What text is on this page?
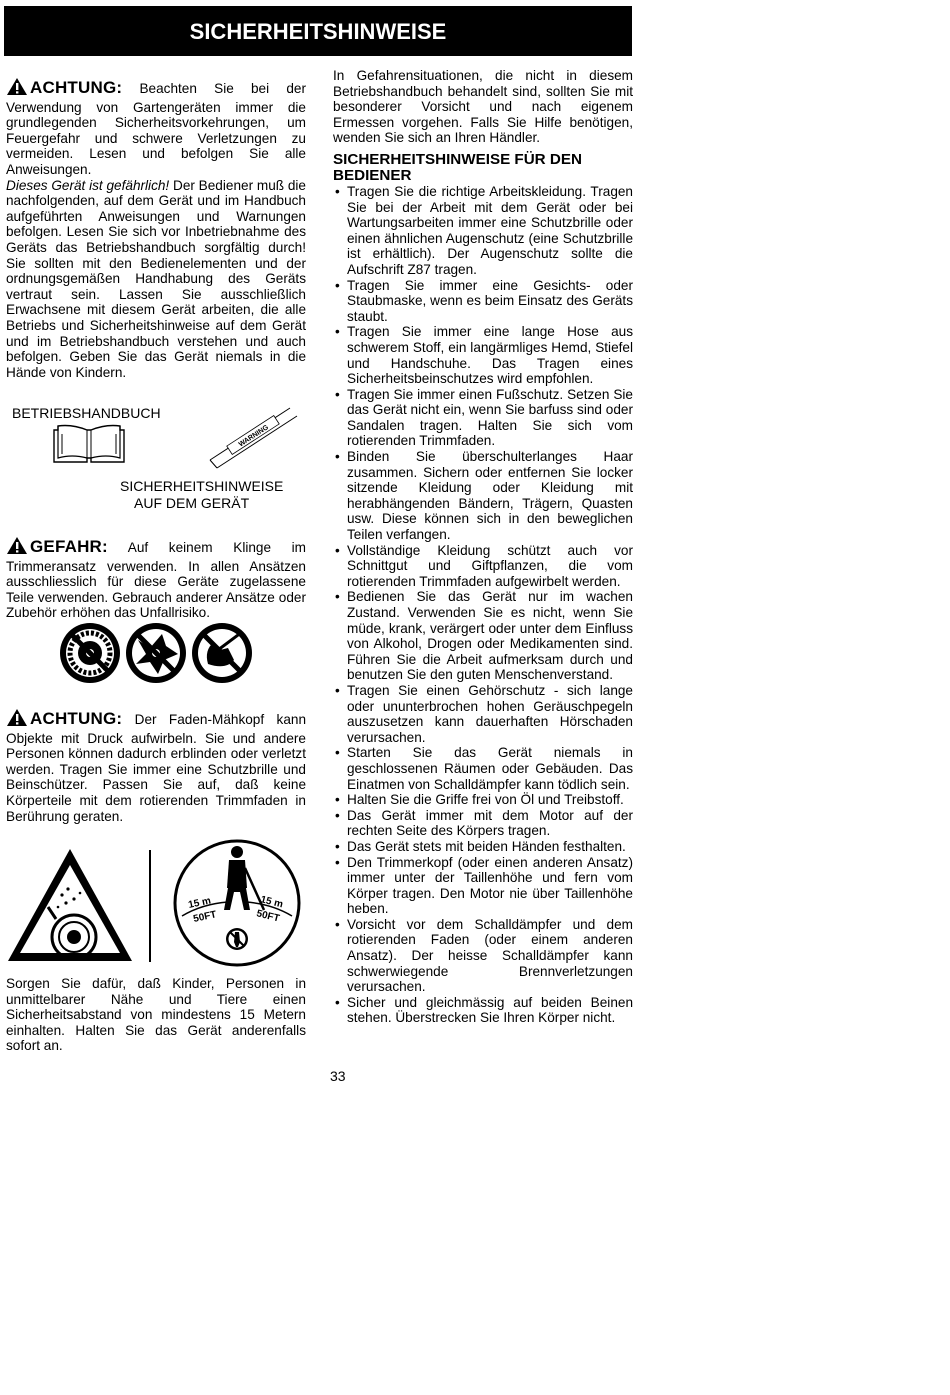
SICHERHEITSHINWEISE

ACHTUNG: Beachten Sie bei der Verwendung von Gartengeräten immer die grundlegenden Sicherheitsvorkehrungen, um Feuergefahr und schwere Verletzungen zu vermeiden. Lesen und befolgen Sie alle Anweisungen.

Dieses Gerät ist gefährlich! Der Bediener muß die nachfolgenden, auf dem Gerät und im Handbuch aufgeführten Anweisungen und Warnungen befolgen. Lesen Sie sich vor Inbetriebnahme des Geräts das Betriebshandbuch sorgfältig durch! Sie sollten mit den Bedienelementen und der ordnungsgemäßen Handhabung des Geräts vertraut sein. Lassen Sie ausschließlich Erwachsene mit diesem Gerät arbeiten, die alle Betriebs und Sicherheitshinweise auf dem Gerät und im Betriebshandbuch verstehen und auch befolgen. Geben Sie das Gerät niemals in die Hände von Kindern.

BETRIEBSHANDBUCH
WARNING
SICHERHEITSHINWEISE
AUF DEM GERÄT

GEFAHR: Auf keinem Klinge im Trimmeransatz verwenden. In allen Ansätzen ausschliesslich für diese Geräte zugelassene Teile verwenden. Gebrauch anderer Ansätze oder Zubehör erhöhen das Unfallrisiko.

ACHTUNG: Der Faden-Mähkopf kann Objekte mit Druck aufwirbeln. Sie und andere Personen können dadurch erblinden oder verletzt werden. Tragen Sie immer eine Schutzbrille und Beinschützer. Passen Sie auf, daß keine Körperteile mit dem rotierenden Trimmfaden in Berührung geraten.

15 m
50FT
15 m
50FT

Sorgen Sie dafür, daß Kinder, Personen in unmittelbarer Nähe und Tiere einen Sicherheitsabstand von mindestens 15 Metern einhalten. Halten Sie das Gerät anderenfalls sofort an.

In Gefahrensituationen, die nicht in diesem Betriebshandbuch behandelt sind, sollten Sie mit besonderer Vorsicht und nach eigenem Ermessen vorgehen. Falls Sie Hilfe benötigen, wenden Sie sich an Ihren Händler.

SICHERHEITSHINWEISE FÜR DEN BEDIENER
• Tragen Sie die richtige Arbeitskleidung. Tragen Sie bei der Arbeit mit dem Gerät oder bei Wartungsarbeiten immer eine Schutzbrille oder einen ähnlichen Augenschutz (eine Schutzbrille ist erhältlich). Der Augenschutz sollte die Aufschrift Z87 tragen.
• Tragen Sie immer eine Gesichts- oder Staubmaske, wenn es beim Einsatz des Geräts staubt.
• Tragen Sie immer eine lange Hose aus schwerem Stoff, ein langärmliges Hemd, Stiefel und Handschuhe. Das Tragen eines Sicherheitsbeinschutzes wird empfohlen.
• Tragen Sie immer einen Fußschutz. Setzen Sie das Gerät nicht ein, wenn Sie barfuss sind oder Sandalen tragen. Halten Sie sich vom rotierenden Trimmfaden.
• Binden Sie überschulterlanges Haar zusammen. Sichern oder entfernen Sie locker sitzende Kleidung oder Kleidung mit herabhängenden Bändern, Trägern, Quasten usw. Diese können sich in den beweglichen Teilen verfangen.
• Vollständige Kleidung schützt auch vor Schnittgut und Giftpflanzen, die vom rotierenden Trimmfaden aufgewirbelt werden.
• Bedienen Sie das Gerät nur im wachen Zustand. Verwenden Sie es nicht, wenn Sie müde, krank, verärgert oder unter dem Einfluss von Alkohol, Drogen oder Medikamenten sind. Führen Sie die Arbeit aufmerksam durch und benutzen Sie den guten Menschenverstand.
• Tragen Sie einen Gehörschutz - sich lange oder ununterbrochen hohen Geräuschpegeln auszusetzen kann dauerhaften Hörschaden verursachen.
• Starten Sie das Gerät niemals in geschlossenen Räumen oder Gebäuden. Das Einatmen von Schalldämpfer kann tödlich sein.
• Halten Sie die Griffe frei von Öl und Treibstoff.
• Das Gerät immer mit dem Motor auf der rechten Seite des Körpers tragen.
• Das Gerät stets mit beiden Händen festhalten.
• Den Trimmerkopf (oder einen anderen Ansatz) immer unter der Taillenhöhe und fern vom Körper tragen. Den Motor nie über Taillenhöhe heben.
• Vorsicht vor dem Schalldämpfer und dem rotierenden Faden (oder einem anderen Ansatz). Der heisse Schalldämpfer kann schwerwiegende Brennverletzungen verursachen.
• Sicher und gleichmässig auf beiden Beinen stehen. Überstrecken Sie Ihren Körper nicht.
33
